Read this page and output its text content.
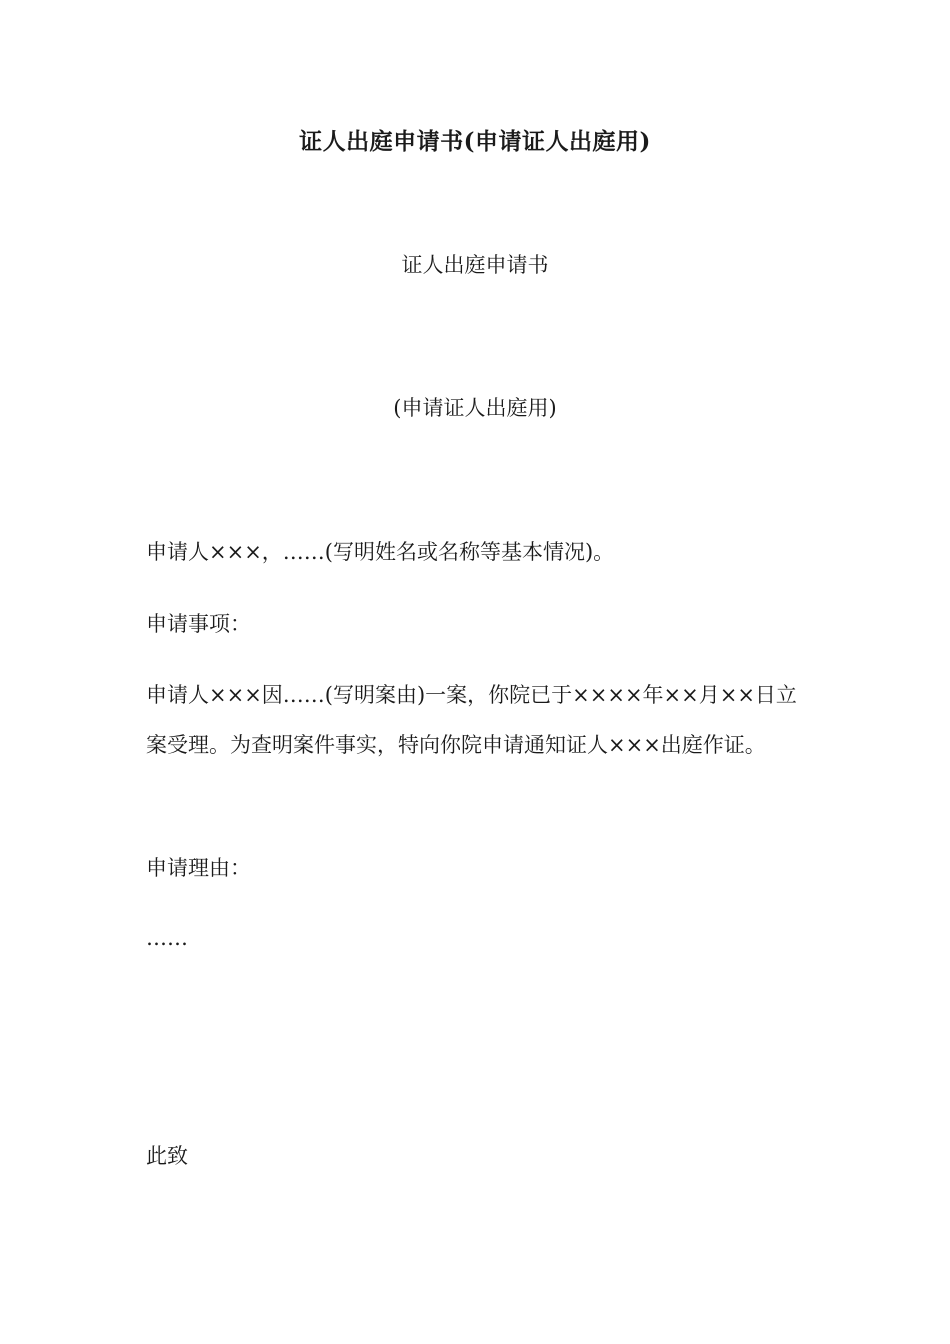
证人出庭申请书(申请证人出庭用)

证人出庭申请书

(申请证人出庭用)

申请人×××，……(写明姓名或名称等基本情况)。

申请事项：

申请人×××因……(写明案由)一案，你院已于××××年××月××日立案受理。为查明案件事实，特向你院申请通知证人×××出庭作证。

申请理由：

……

此致
